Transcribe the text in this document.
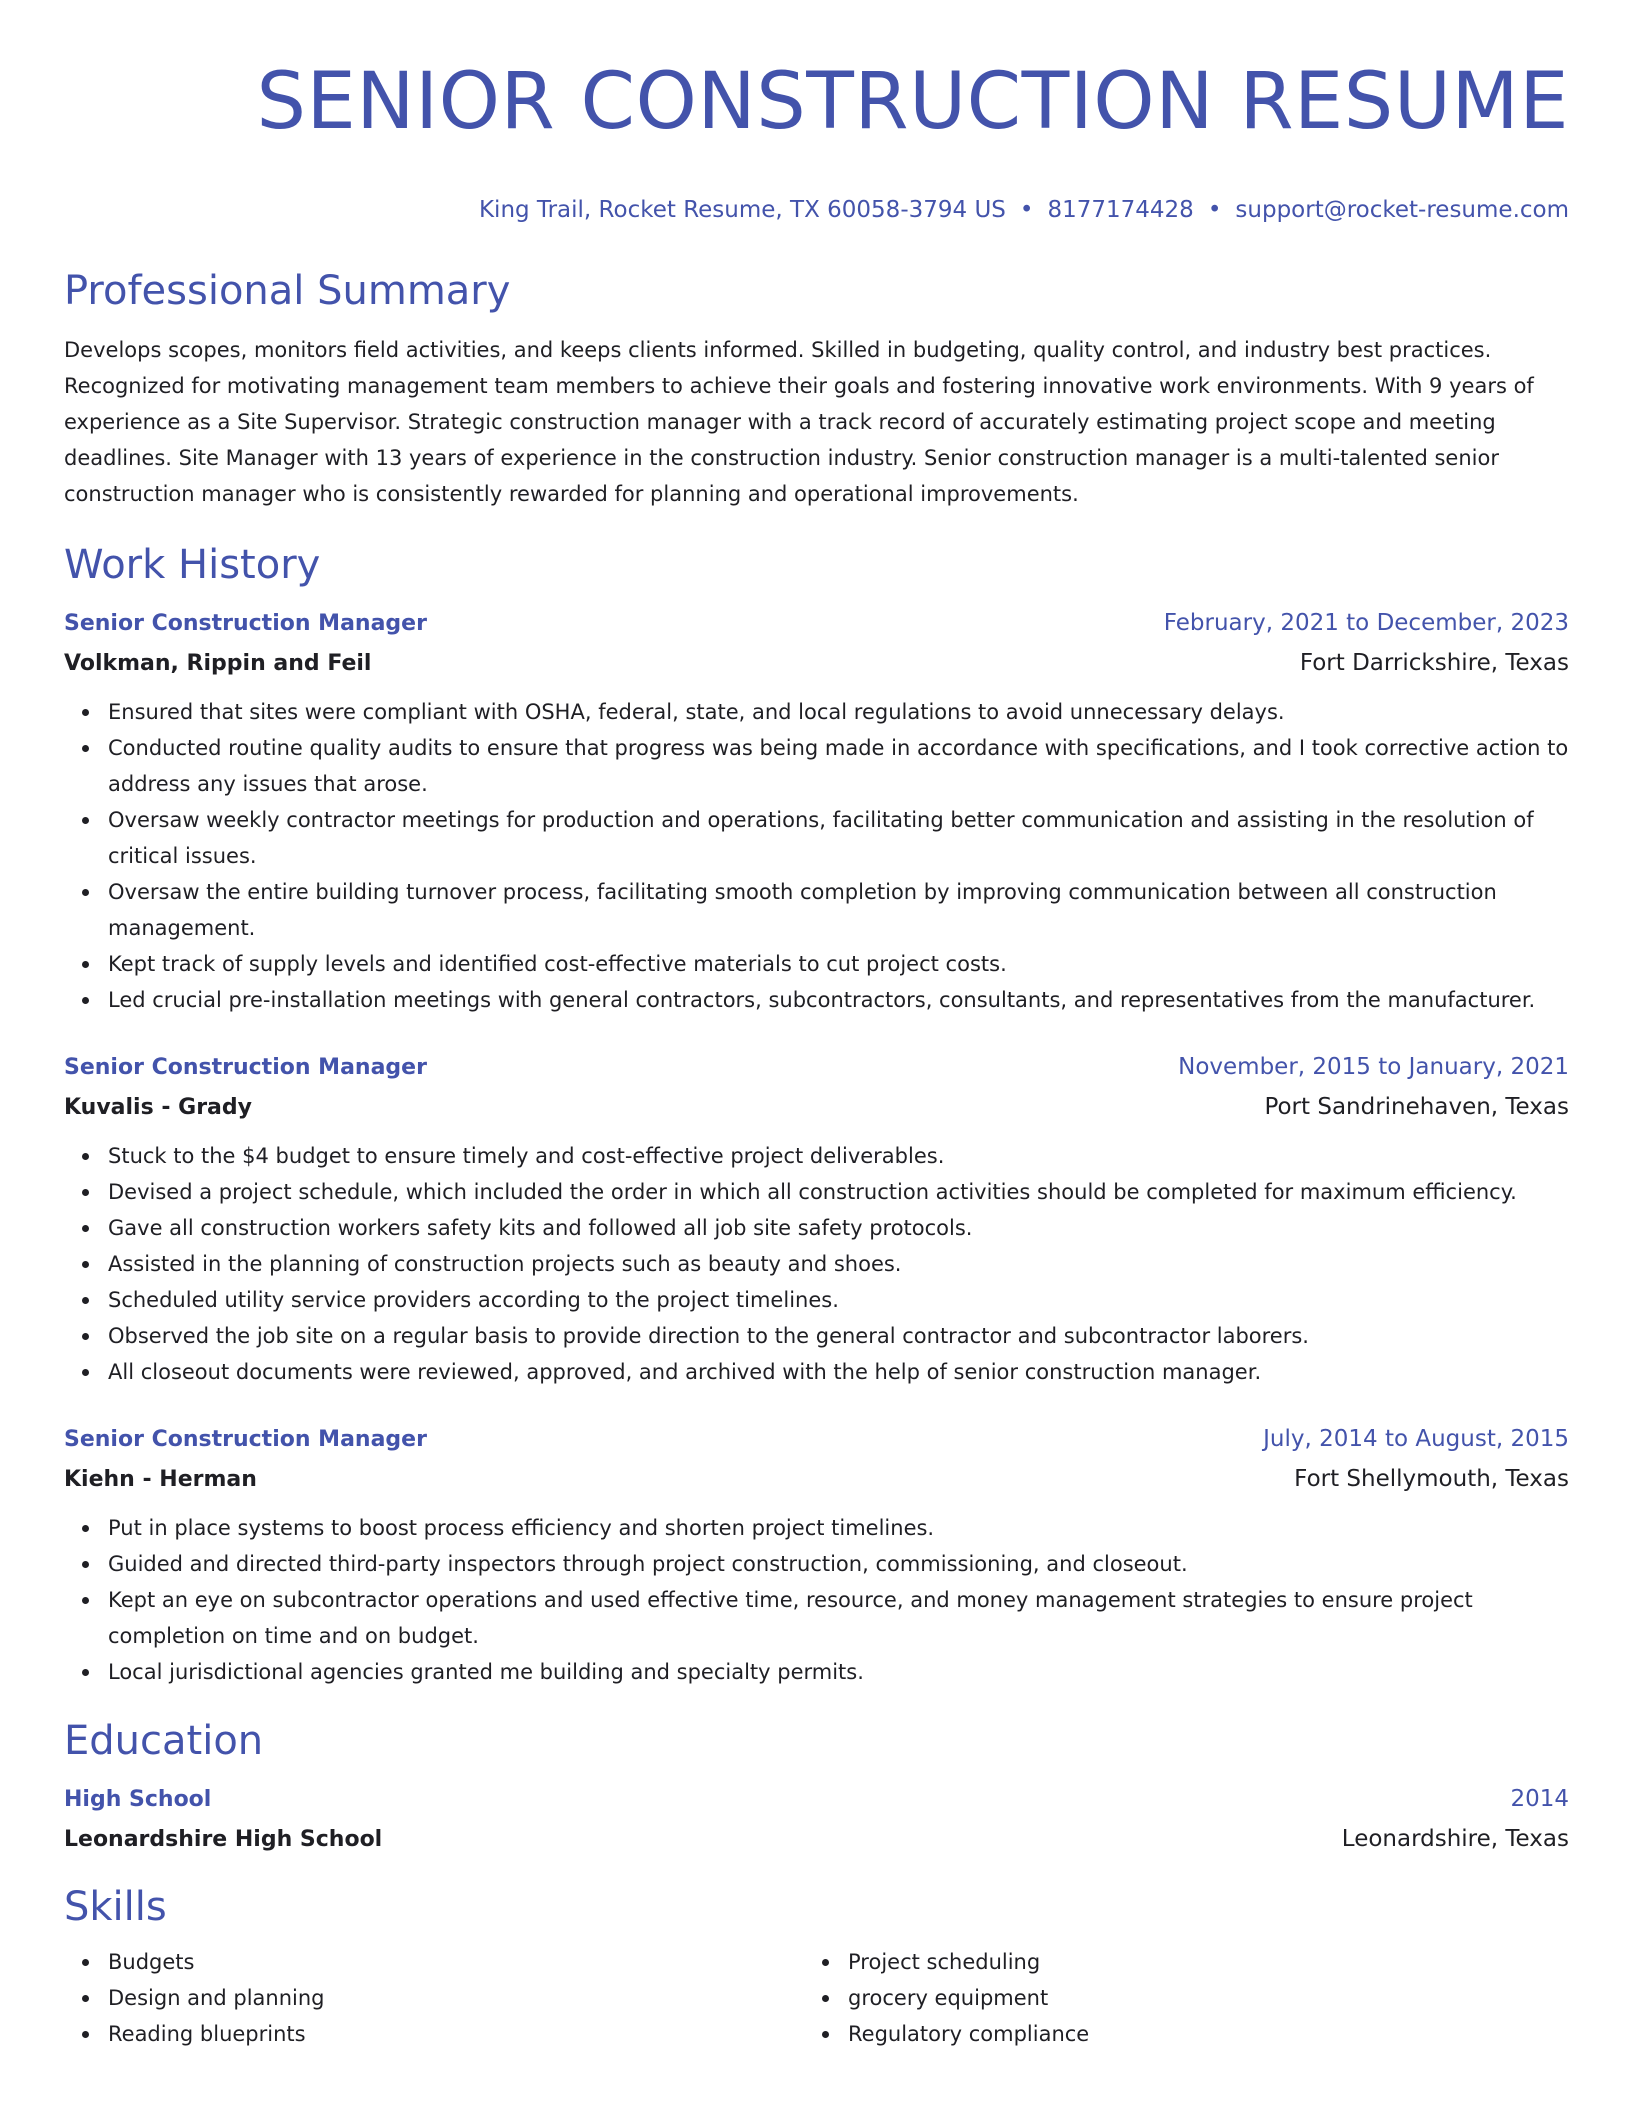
SENIOR CONSTRUCTION RESUME
King Trail, Rocket Resume, TX 60058-3794 US • 8177174428 • support@rocket-resume.com
Professional Summary
Develops scopes, monitors field activities, and keeps clients informed. Skilled in budgeting, quality control, and industry best practices. Recognized for motivating management team members to achieve their goals and fostering innovative work environments. With 9 years of experience as a Site Supervisor. Strategic construction manager with a track record of accurately estimating project scope and meeting deadlines. Site Manager with 13 years of experience in the construction industry. Senior construction manager is a multi-talented senior construction manager who is consistently rewarded for planning and operational improvements.
Work History
Senior Construction Manager	February, 2021 to December, 2023
Volkman, Rippin and Feil	Fort Darrickshire, Texas
Ensured that sites were compliant with OSHA, federal, state, and local regulations to avoid unnecessary delays.
Conducted routine quality audits to ensure that progress was being made in accordance with specifications, and I took corrective action to address any issues that arose.
Oversaw weekly contractor meetings for production and operations, facilitating better communication and assisting in the resolution of critical issues.
Oversaw the entire building turnover process, facilitating smooth completion by improving communication between all construction management.
Kept track of supply levels and identified cost-effective materials to cut project costs.
Led crucial pre-installation meetings with general contractors, subcontractors, consultants, and representatives from the manufacturer.
Senior Construction Manager	November, 2015 to January, 2021
Kuvalis - Grady	Port Sandrinehaven, Texas
Stuck to the $4 budget to ensure timely and cost-effective project deliverables.
Devised a project schedule, which included the order in which all construction activities should be completed for maximum efficiency.
Gave all construction workers safety kits and followed all job site safety protocols.
Assisted in the planning of construction projects such as beauty and shoes.
Scheduled utility service providers according to the project timelines.
Observed the job site on a regular basis to provide direction to the general contractor and subcontractor laborers.
All closeout documents were reviewed, approved, and archived with the help of senior construction manager.
Senior Construction Manager	July, 2014 to August, 2015
Kiehn - Herman	Fort Shellymouth, Texas
Put in place systems to boost process efficiency and shorten project timelines.
Guided and directed third-party inspectors through project construction, commissioning, and closeout.
Kept an eye on subcontractor operations and used effective time, resource, and money management strategies to ensure project completion on time and on budget.
Local jurisdictional agencies granted me building and specialty permits.
Education
High School	2014
Leonardshire High School	Leonardshire, Texas
Skills
Budgets
Design and planning
Reading blueprints
Project scheduling
grocery equipment
Regulatory compliance
